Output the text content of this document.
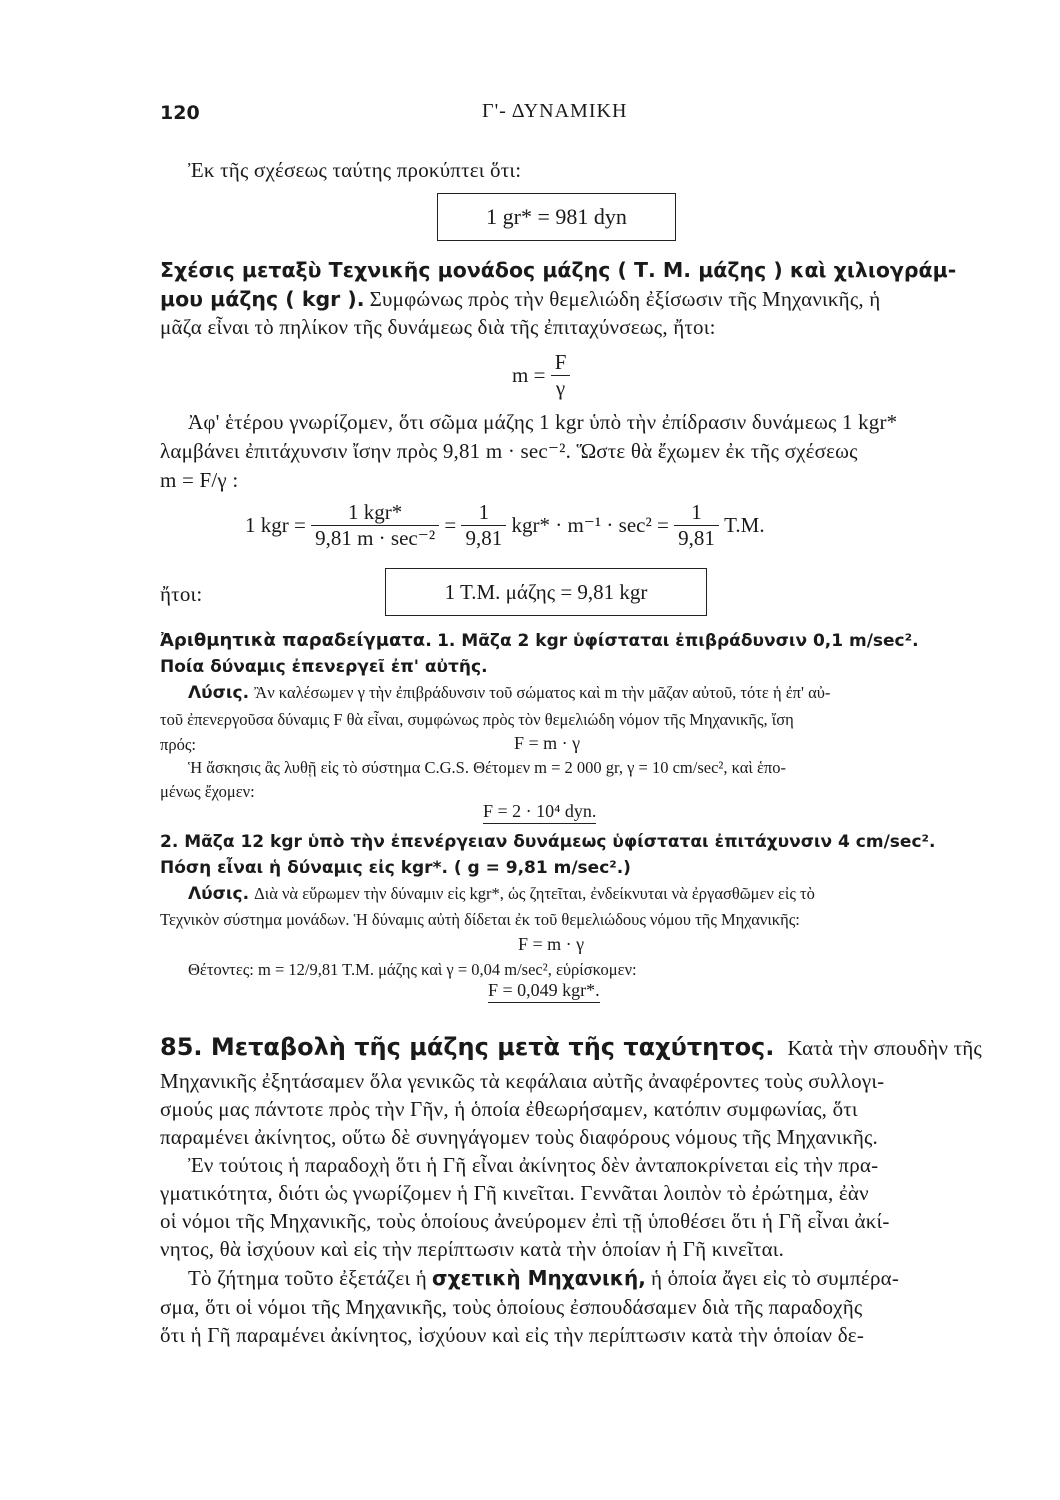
120	Γ'- ΔΥΝΑΜΙΚΗ
Ἐκ τῆς σχέσεως ταύτης προκύπτει ὅτι:
1 gr* = 981 dyn
Σχέσις μεταξὺ Τεχνικῆς μονάδος μάζης ( Τ. Μ. μάζης ) καὶ χιλιογράμ-
μου μάζης ( kgr ). Συμφώνως πρὸς τὴν θεμελιώδη ἐξίσωσιν τῆς Μηχανικῆς, ἡ
μᾶζα εἶναι τὸ πηλίκον τῆς δυνάμεως διὰ τῆς ἐπιταχύνσεως, ἤτοι:
$m = \frac{F}{\gamma}$
Ἀφ' ἑτέρου γνωρίζομεν, ὅτι σῶμα μάζης 1 kgr ὑπὸ τὴν ἐπίδρασιν δυνάμεως 1 kgr*
λαμβάνει ἐπιτάχυνσιν ἴσην πρὸς 9,81 m · sec⁻². Ὥστε θὰ ἔχωμεν ἐκ τῆς σχέσεως
m = F/γ :
1 kgr = $\frac{\text{1 kgr*}}{\text{9,81 m · sec⁻²}} = \frac{1}{9,81} kgr* \cdot m^{-1} \cdot \sec^2 = \frac{1}{9,81} T.M$.
ἤτοι:	1 T.M. μάζης = 9,81 kgr
Ἀριθμητικὰ παραδείγματα. 1. Μᾶζα 2 kgr ὑφίσταται ἐπιβράδυνσιν 0,1 m/sec².
Ποία δύναμις ἐπενεργεῖ ἐπ' αὐτῆς.
Λύσις. Ἂν καλέσωμεν γ τὴν ἐπιβράδυνσιν τοῦ σώματος καὶ m τὴν μᾶζαν αὐτοῦ, τότε ἡ ἐπ' αὐ-
τοῦ ἐπενεργοῦσα δύναμις F θὰ εἶναι, συμφώνως πρὸς τὸν θεμελιώδη νόμον τῆς Μηχανικῆς, ἴση
πρός:	F = m · γ
Ἡ ἄσκησις ἂς λυθῇ εἰς τὸ σύστημα C.G.S. Θέτομεν m = 2 000 gr, γ = 10 cm/sec², καὶ ἑπο-
μένως ἔχομεν:
F = 2 · 10⁴ dyn.
2. Μᾶζα 12 kgr ὑπὸ τὴν ἐπενέργειαν δυνάμεως ὑφίσταται ἐπιτάχυνσιν 4 cm/sec².
Πόση εἶναι ἡ δύναμις εἰς kgr*. ( g = 9,81 m/sec².)
Λύσις. Διὰ νὰ εὕρωμεν τὴν δύναμιν εἰς kgr*, ὡς ζητεῖται, ἐνδείκνυται νὰ ἐργασθῶμεν εἰς τὸ
Τεχνικὸν σύστημα μονάδων. Ἡ δύναμις αὐτὴ δίδεται ἐκ τοῦ θεμελιώδους νόμου τῆς Μηχανικῆς:
F = m · γ
Θέτοντες: m = 12/9,81 T.M. μάζης καὶ γ = 0,04 m/sec², εὑρίσκομεν:
F = 0,049 kgr*.
85. Μεταβολὴ τῆς μάζης μετὰ τῆς ταχύτητος. Κατὰ τὴν σπουδὴν τῆς
Μηχανικῆς ἐξητάσαμεν ὅλα γενικῶς τὰ κεφάλαια αὐτῆς ἀναφέροντες τοὺς συλλογι-
σμούς μας πάντοτε πρὸς τὴν Γῆν, ἡ ὁποία ἐθεωρήσαμεν, κατόπιν συμφωνίας, ὅτι
παραμένει ἀκίνητος, οὕτω δὲ συνηγάγομεν τοὺς διαφόρους νόμους τῆς Μηχανικῆς.
Ἐν τούτοις ἡ παραδοχὴ ὅτι ἡ Γῆ εἶναι ἀκίνητος δὲν ἀνταποκρίνεται εἰς τὴν πρα-
γματικότητα, διότι ὡς γνωρίζομεν ἡ Γῆ κινεῖται. Γεννᾶται λοιπὸν τὸ ἐρώτημα, ἐὰν
οἱ νόμοι τῆς Μηχανικῆς, τοὺς ὁποίους ἀνεύρομεν ἐπὶ τῇ ὑποθέσει ὅτι ἡ Γῆ εἶναι ἀκί-
νητος, θὰ ἰσχύουν καὶ εἰς τὴν περίπτωσιν κατὰ τὴν ὁποίαν ἡ Γῆ κινεῖται.
Τὸ ζήτημα τοῦτο ἐξετάζει ἡ σχετικὴ Μηχανική, ἡ ὁποία ἄγει εἰς τὸ συμπέρα-
σμα, ὅτι οἱ νόμοι τῆς Μηχανικῆς, τοὺς ὁποίους ἐσπουδάσαμεν διὰ τῆς παραδοχῆς
ὅτι ἡ Γῆ παραμένει ἀκίνητος, ἰσχύουν καὶ εἰς τὴν περίπτωσιν κατὰ τὴν ὁποίαν δε-
